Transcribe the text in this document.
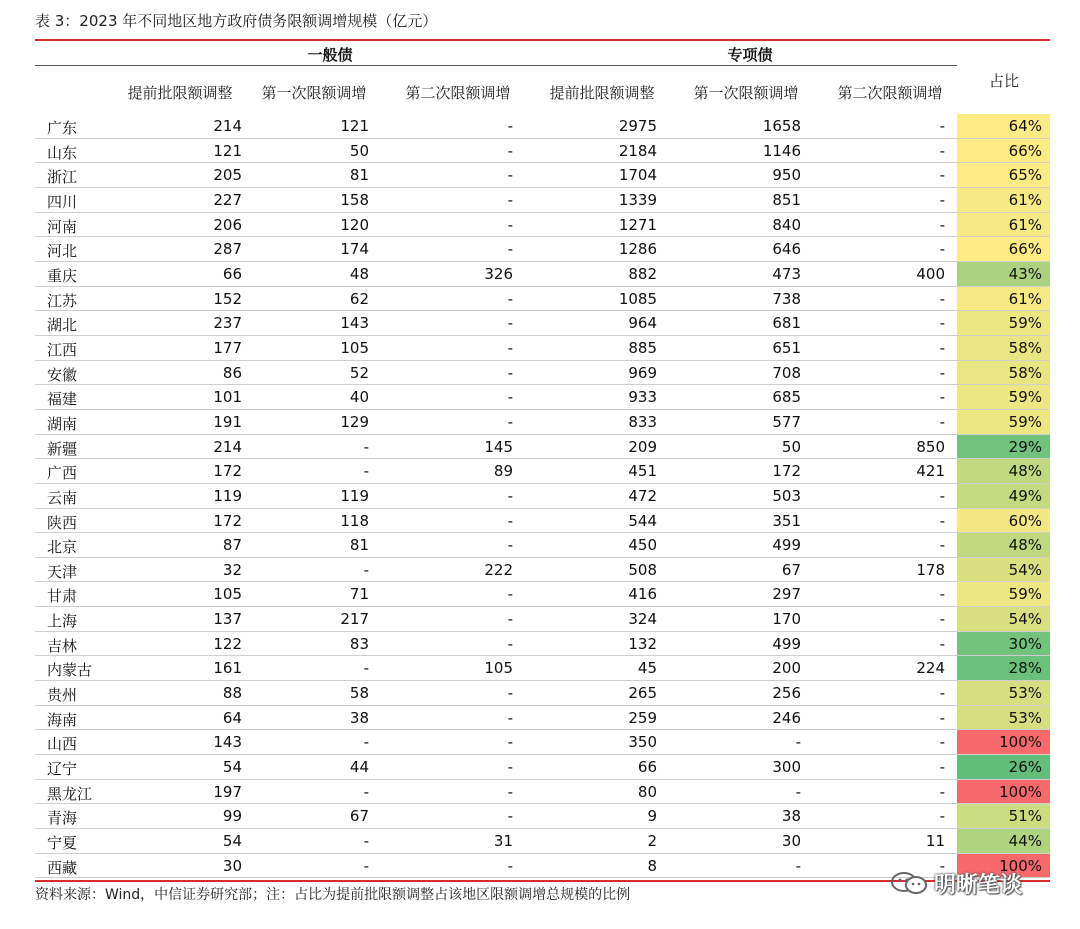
表 3：2023 年不同地区地方政府债务限额调增规模（亿元）
一般债	专项债
提前批限额调整	第一次限额调增	第二次限额调增	提前批限额调整	第一次限额调增	第二次限额调增
占比
广东	214	121	-	2975	1658	-	64%
山东	121	50	-	2184	1146	-	66%
浙江	205	81	-	1704	950	-	65%
四川	227	158	-	1339	851	-	61%
河南	206	120	-	1271	840	-	61%
河北	287	174	-	1286	646	-	66%
重庆	66	48	326	882	473	400	43%
江苏	152	62	-	1085	738	-	61%
湖北	237	143	-	964	681	-	59%
江西	177	105	-	885	651	-	58%
安徽	86	52	-	969	708	-	58%
福建	101	40	-	933	685	-	59%
湖南	191	129	-	833	577	-	59%
新疆	214	-	145	209	50	850	29%
广西	172	-	89	451	172	421	48%
云南	119	119	-	472	503	-	49%
陕西	172	118	-	544	351	-	60%
北京	87	81	-	450	499	-	48%
天津	32	-	222	508	67	178	54%
甘肃	105	71	-	416	297	-	59%
上海	137	217	-	324	170	-	54%
吉林	122	83	-	132	499	-	30%
内蒙古	161	-	105	45	200	224	28%
贵州	88	58	-	265	256	-	53%
海南	64	38	-	259	246	-	53%
山西	143	-	-	350	-	-	100%
辽宁	54	44	-	66	300	-	26%
黑龙江	197	-	-	80	-	-	100%
青海	99	67	-	9	38	-	51%
宁夏	54	-	31	2	30	11	44%
西藏	30	-	-	8	-	-	100%
资料来源：Wind，中信证券研究部；注：占比为提前批限额调整占该地区限额调增总规模的比例	明晰笔谈
